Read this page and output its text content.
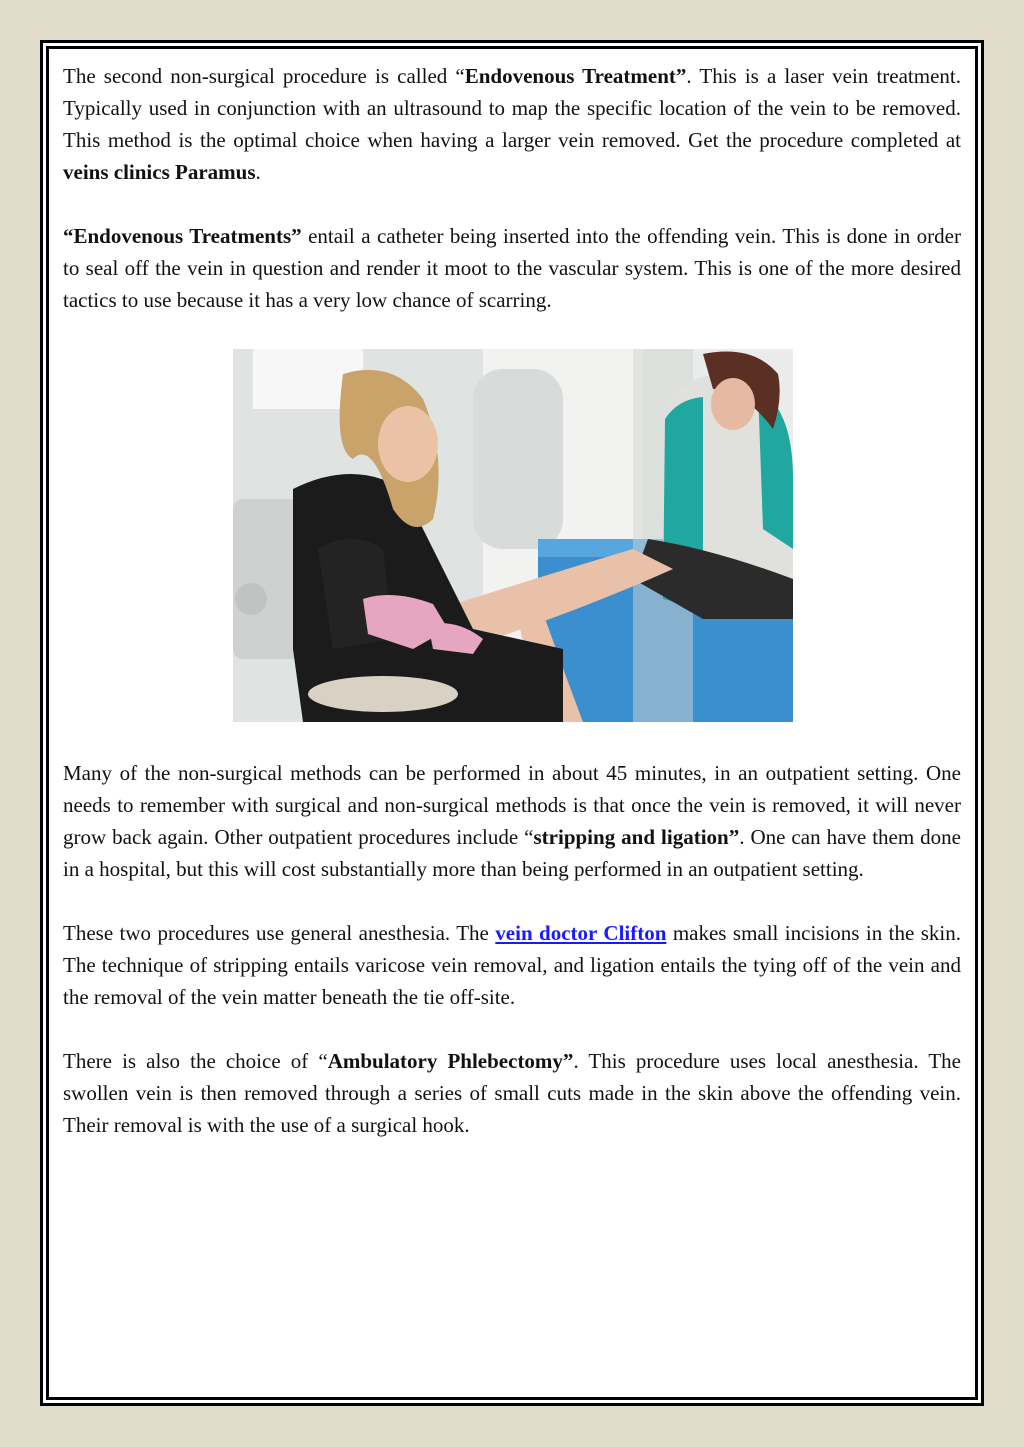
The second non-surgical procedure is called “Endovenous Treatment”. This is a laser vein treatment. Typically used in conjunction with an ultrasound to map the specific location of the vein to be removed. This method is the optimal choice when having a larger vein removed. Get the procedure completed at veins clinics Paramus.

“Endovenous Treatments” entail a catheter being inserted into the offending vein. This is done in order to seal off the vein in question and render it moot to the vascular system. This is one of the more desired tactics to use because it has a very low chance of scarring.

Many of the non-surgical methods can be performed in about 45 minutes, in an outpatient setting. One needs to remember with surgical and non-surgical methods is that once the vein is removed, it will never grow back again. Other outpatient procedures include “stripping and ligation”. One can have them done in a hospital, but this will cost substantially more than being performed in an outpatient setting.

These two procedures use general anesthesia. The vein doctor Clifton makes small incisions in the skin. The technique of stripping entails varicose vein removal, and ligation entails the tying off of the vein and the removal of the vein matter beneath the tie off-site.

There is also the choice of “Ambulatory Phlebectomy”. This procedure uses local anesthesia. The swollen vein is then removed through a series of small cuts made in the skin above the offending vein. Their removal is with the use of a surgical hook.
